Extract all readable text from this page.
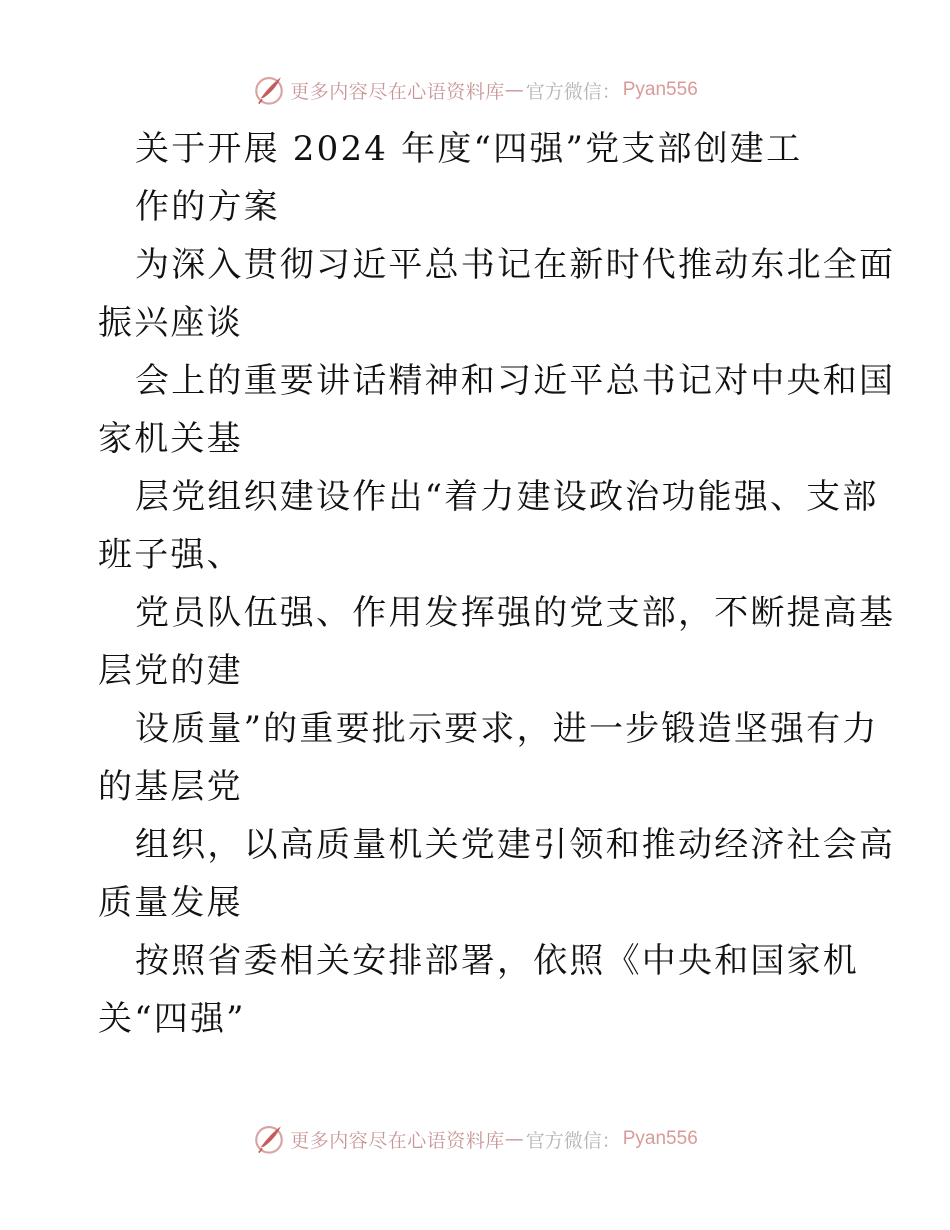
更多内容尽在心语资料库 — 官方微信： Pyan556
关于开展 2024 年度“四强”党支部创建工
作的方案
为深入贯彻习近平总书记在新时代推动东北全面
振兴座谈
会上的重要讲话精神和习近平总书记对中央和国
家机关基
层党组织建设作出“着力建设政治功能强、支部
班子强、
党员队伍强、作用发挥强的党支部，不断提高基
层党的建
设质量”的重要批示要求，进一步锻造坚强有力
的基层党
组织，以高质量机关党建引领和推动经济社会高
质量发展
按照省委相关安排部署，依照《中央和国家机
关“四强”
更多内容尽在心语资料库 — 官方微信： Pyan556
